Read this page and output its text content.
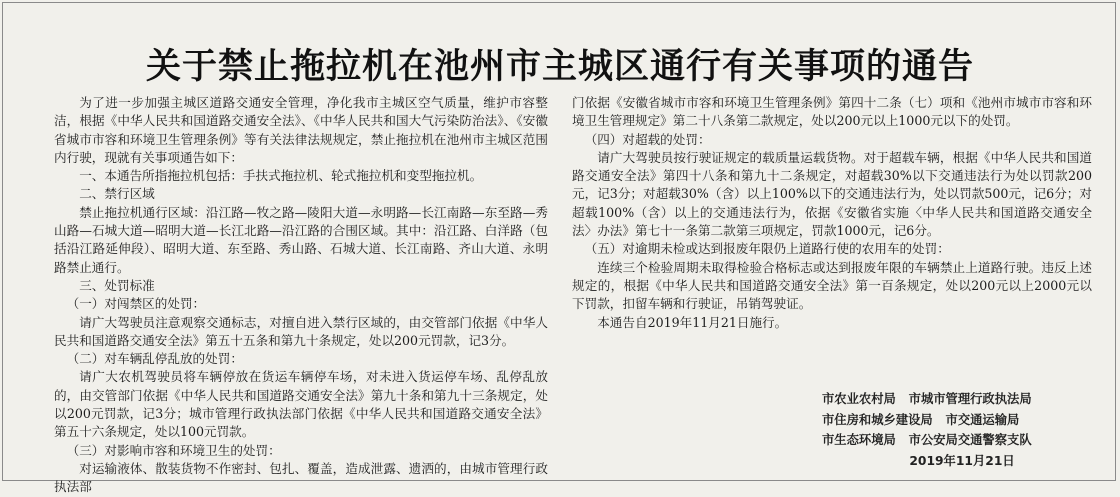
关于禁止拖拉机在池州市主城区通行有关事项的通告

为了进一步加强主城区道路交通安全管理，净化我市主城区空气质量，维护市容整洁，根据《中华人民共和国道路交通安全法》、《中华人民共和国大气污染防治法》、《安徽省城市市容和环境卫生管理条例》等有关法律法规规定，禁止拖拉机在池州市主城区范围内行驶，现就有关事项通告如下：

一、本通告所指拖拉机包括：手扶式拖拉机、轮式拖拉机和变型拖拉机。

二、禁行区域

禁止拖拉机通行区域：沿江路—牧之路—陵阳大道—永明路—长江南路—东至路—秀山路—石城大道—昭明大道—长江北路—沿江路的合围区域。其中：沿江路、白洋路（包括沿江路延伸段）、昭明大道、东至路、秀山路、石城大道、长江南路、齐山大道、永明路禁止通行。

三、处罚标准

（一）对闯禁区的处罚：

请广大驾驶员注意观察交通标志，对擅自进入禁行区域的，由交管部门依据《中华人民共和国道路交通安全法》第五十五条和第九十条规定，处以200元罚款，记3分。

（二）对车辆乱停乱放的处罚：

请广大农机驾驶员将车辆停放在货运车辆停车场，对未进入货运停车场、乱停乱放的，由交管部门依据《中华人民共和国道路交通安全法》第九十条和第九十三条规定，处以200元罚款，记3分；城市管理行政执法部门依据《中华人民共和国道路交通安全法》第五十六条规定，处以100元罚款。

（三）对影响市容和环境卫生的处罚：

对运输液体、散装货物不作密封、包扎、覆盖，造成泄露、遗洒的，由城市管理行政执法部

门依据《安徽省城市市容和环境卫生管理条例》第四十二条（七）项和《池州市城市市容和环境卫生管理规定》第二十八条第二款规定，处以200元以上1000元以下的处罚。

（四）对超载的处罚：

请广大驾驶员按行驶证规定的载质量运载货物。对于超载车辆，根据《中华人民共和国道路交通安全法》第四十八条和第九十二条规定，对超载30%以下交通违法行为处以罚款200元，记3分；对超载30%（含）以上100%以下的交通违法行为，处以罚款500元，记6分；对超载100%（含）以上的交通违法行为，依据《安徽省实施〈中华人民共和国道路交通安全法〉办法》第七十一条第二款第三项规定，罚款1000元，记6分。

（五）对逾期未检或达到报废年限仍上道路行使的农用车的处罚：

连续三个检验周期未取得检验合格标志或达到报废年限的车辆禁止上道路行驶。违反上述规定的，根据《中华人民共和国道路交通安全法》第一百条规定，处以200元以上2000元以下罚款，扣留车辆和行驶证，吊销驾驶证。

本通告自2019年11月21日施行。

市农业农村局 市城市管理行政执法局
市住房和城乡建设局 市交通运输局
市生态环境局 市公安局交通警察支队
2019年11月21日
